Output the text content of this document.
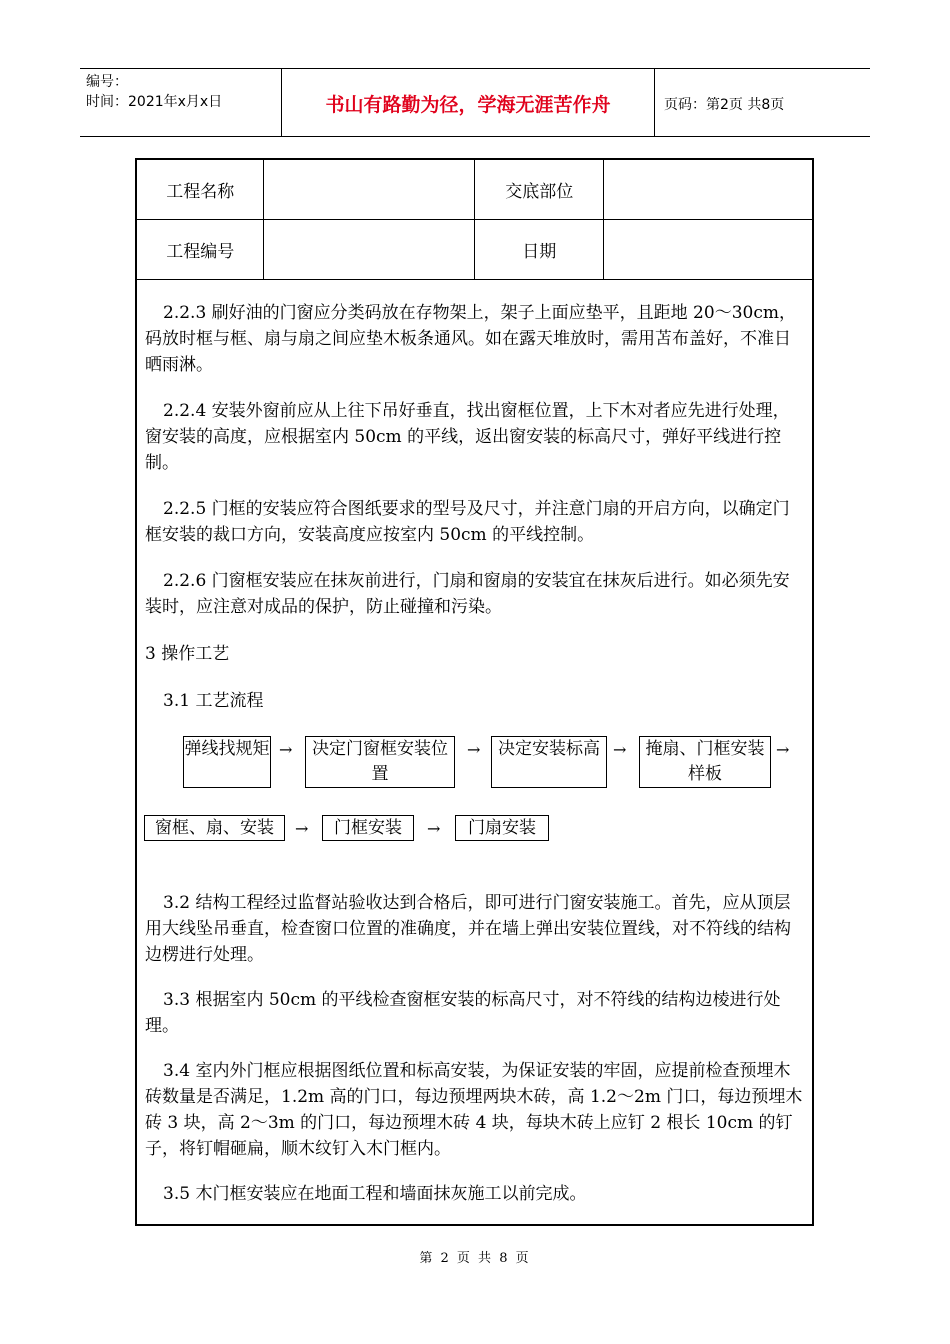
编号：
时间：2021年x月x日	书山有路勤为径，学海无涯苦作舟	页码：第2页 共8页
工程名称		交底部位	
工程编号		日期	

2.2.3 刷好油的门窗应分类码放在存物架上，架子上面应垫平，且距地 20～30cm，码放时框与框、扇与扇之间应垫木板条通风。如在露天堆放时，需用苫布盖好，不准日晒雨淋。

2.2.4 安装外窗前应从上往下吊好垂直，找出窗框位置，上下木对者应先进行处理，窗安装的高度，应根据室内 50cm 的平线，返出窗安装的标高尺寸，弹好平线进行控制。

2.2.5 门框的安装应符合图纸要求的型号及尺寸，并注意门扇的开启方向，以确定门框安装的裁口方向，安装高度应按室内 50cm 的平线控制。

2.2.6 门窗框安装应在抹灰前进行，门扇和窗扇的安装宜在抹灰后进行。如必须先安装时，应注意对成品的保护，防止碰撞和污染。

3 操作工艺

3.1 工艺流程

弹线找规矩 →	决定门窗框安装位置
→	决定安装标高 →	掩扇、门框安装样板
→
窗框、扇、安装	→	门框安装	→	门扇安装

3.2 结构工程经过监督站验收达到合格后，即可进行门窗安装施工。首先，应从顶层用大线坠吊垂直，检查窗口位置的准确度，并在墙上弹出安装位置线，对不符线的结构边楞进行处理。

3.3 根据室内 50cm 的平线检查窗框安装的标高尺寸，对不符线的结构边棱进行处理。

3.4 室内外门框应根据图纸位置和标高安装，为保证安装的牢固，应提前检查预埋木砖数量是否满足，1.2m 高的门口，每边预埋两块木砖，高 1.2～2m 门口，每边预埋木砖 3 块，高 2～3m 的门口，每边预埋木砖 4 块，每块木砖上应钉 2 根长 10cm 的钉子，将钉帽砸扁，顺木纹钉入木门框内。

3.5 木门框安装应在地面工程和墙面抹灰施工以前完成。

第 2 页 共 8 页
